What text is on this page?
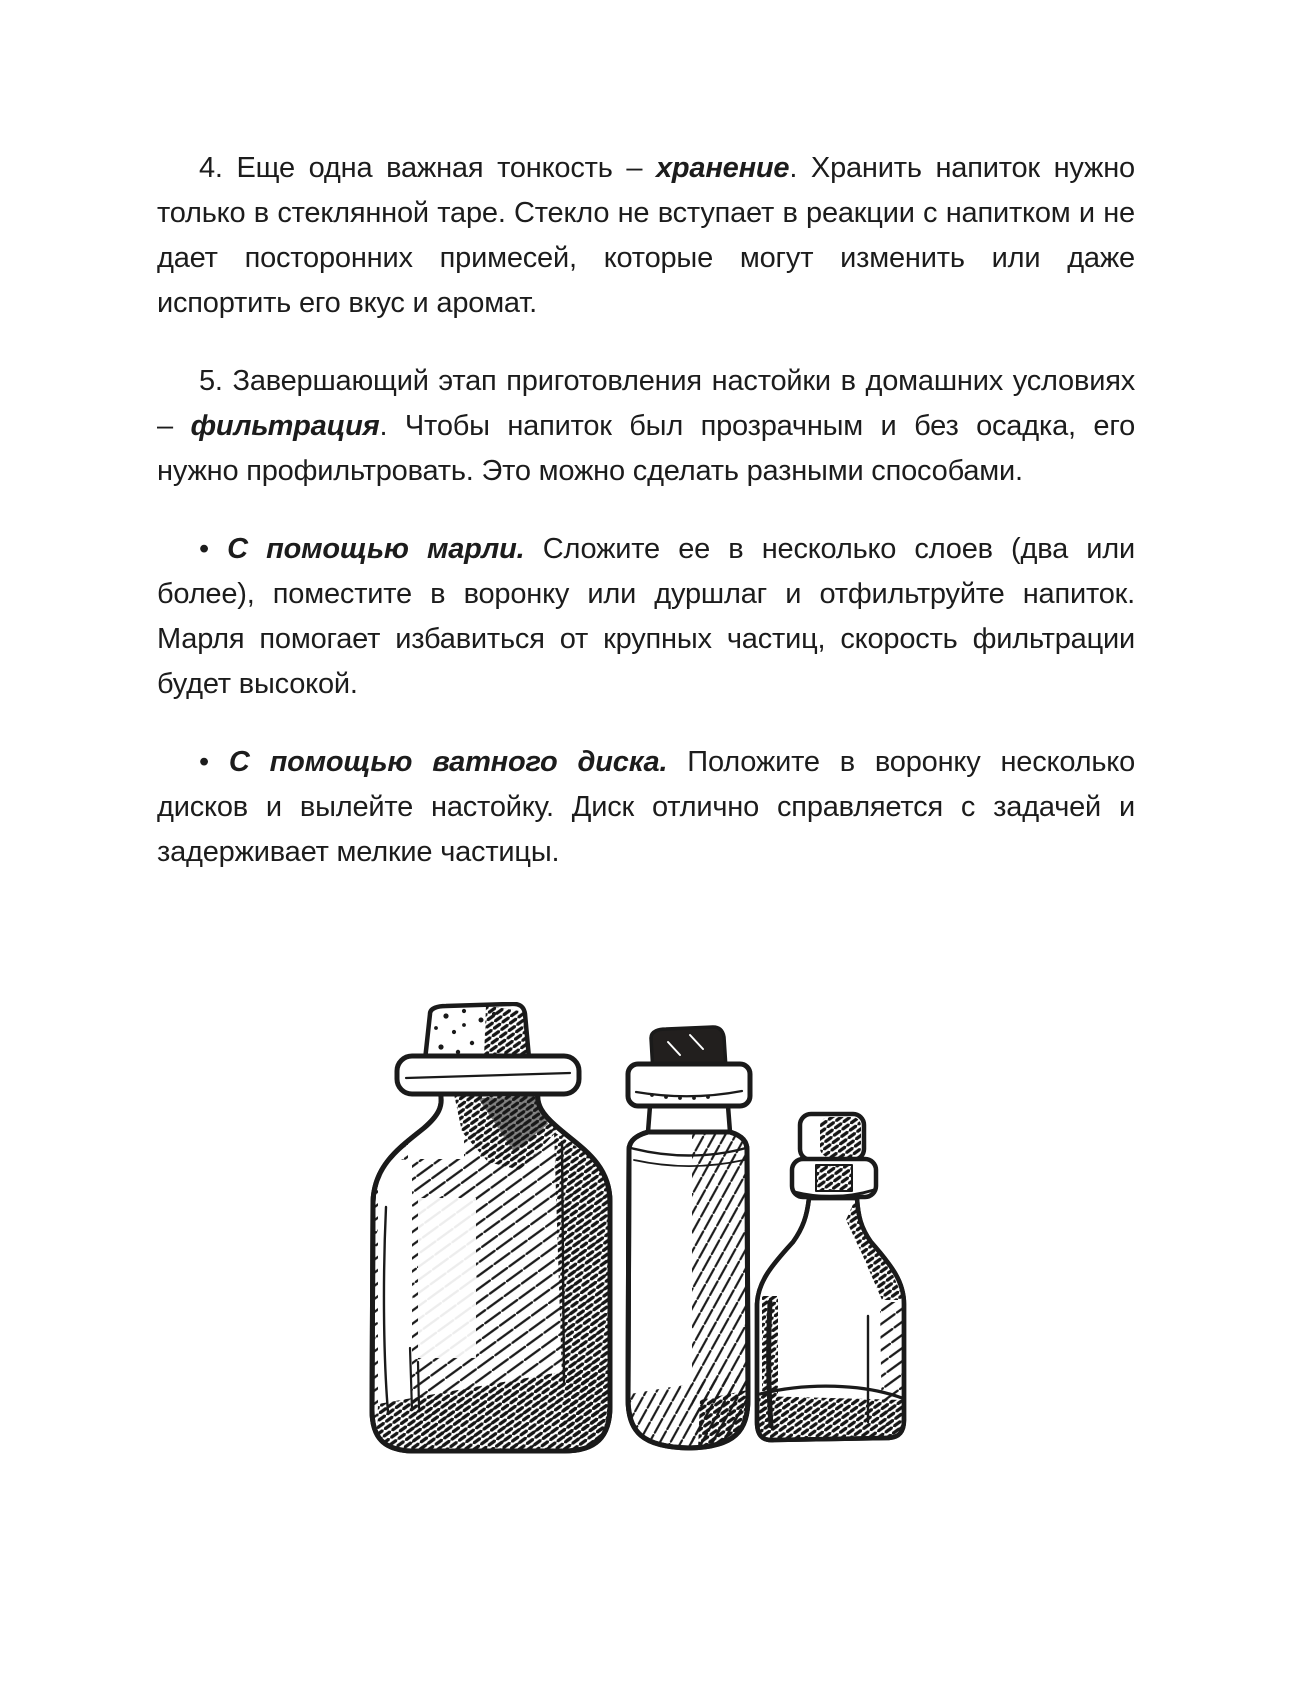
4. Еще одна важная тонкость – хранение. Хранить напиток нужно только в стеклянной таре. Стекло не вступает в реакции с напитком и не дает посторонних примесей, которые могут изменить или даже испортить его вкус и аромат.

5. Завершающий этап приготовления настойки в домашних условиях – фильтрация. Чтобы напиток был прозрачным и без осадка, его нужно профильтровать. Это можно сделать разными способами.

• С помощью марли. Сложите ее в несколько слоев (два или более), поместите в воронку или дуршлаг и отфильтруйте напиток. Марля помогает избавиться от крупных частиц, скорость фильтрации будет высокой.

• С помощью ватного диска. Положите в воронку несколько дисков и вылейте настойку. Диск отлично справляется с задачей и задерживает мелкие частицы.
